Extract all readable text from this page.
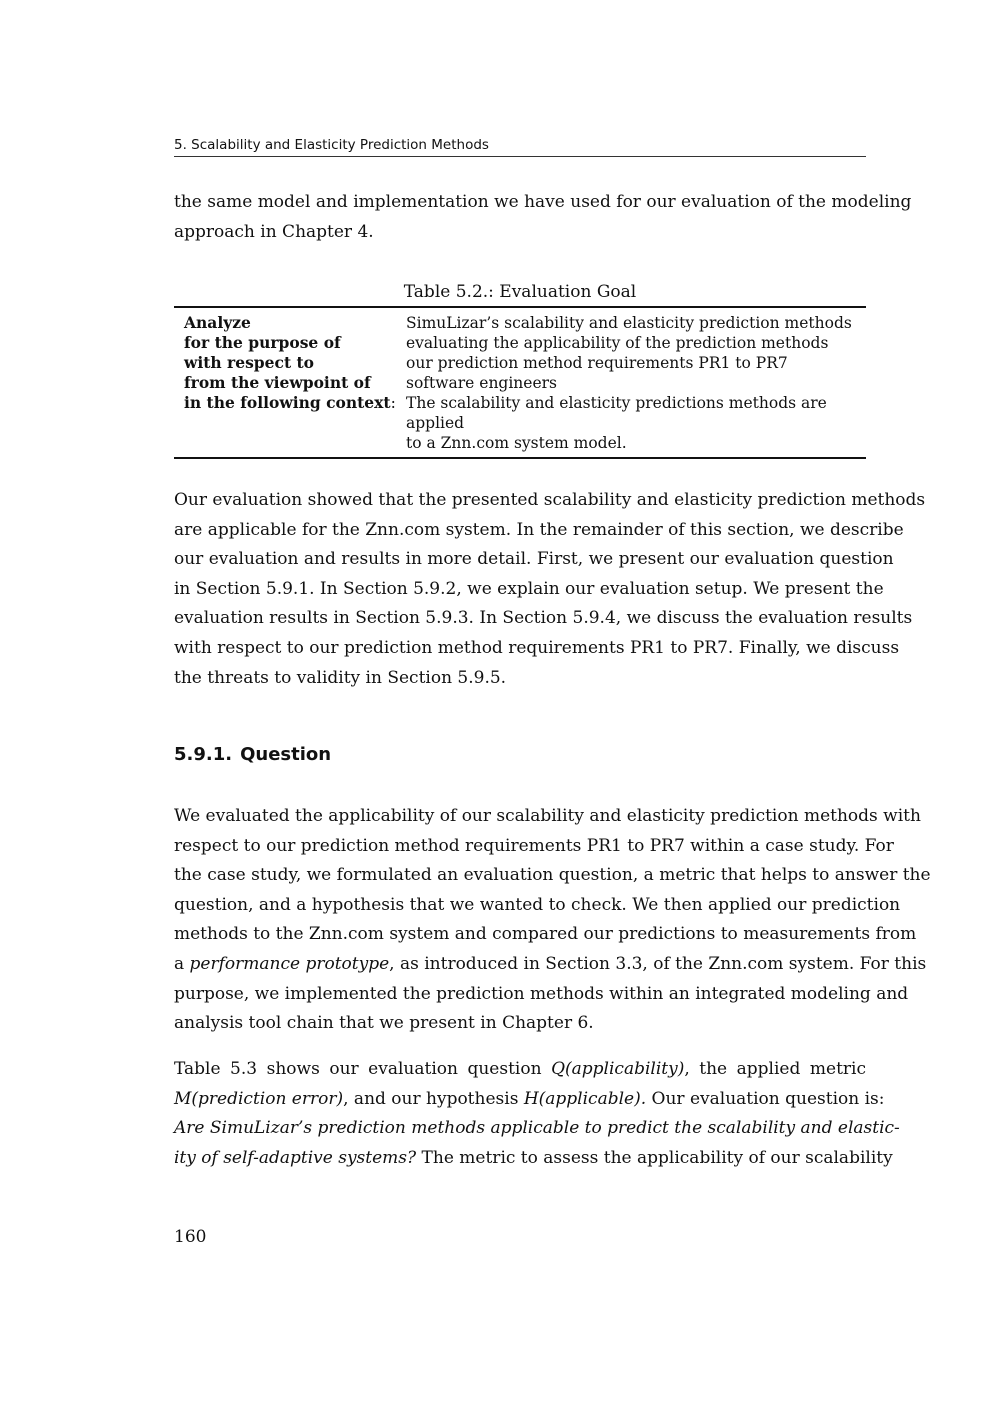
5. Scalability and Elasticity Prediction Methods

the same model and implementation we have used for our evaluation of the modeling
approach in Chapter 4.

Table 5.2.: Evaluation Goal
Analyze	SimuLizar’s scalability and elasticity prediction methods
for the purpose of	evaluating the applicability of the prediction methods
with respect to	our prediction method requirements PR1 to PR7
from the viewpoint of	software engineers
in the following context:	The scalability and elasticity predictions methods are applied
to a Znn.com system model.

Our evaluation showed that the presented scalability and elasticity prediction methods
are applicable for the Znn.com system. In the remainder of this section, we describe
our evaluation and results in more detail. First, we present our evaluation question
in Section 5.9.1. In Section 5.9.2, we explain our evaluation setup. We present the
evaluation results in Section 5.9.3. In Section 5.9.4, we discuss the evaluation results
with respect to our prediction method requirements PR1 to PR7. Finally, we discuss
the threats to validity in Section 5.9.5.

5.9.1. Question

We evaluated the applicability of our scalability and elasticity prediction methods with
respect to our prediction method requirements PR1 to PR7 within a case study. For
the case study, we formulated an evaluation question, a metric that helps to answer the
question, and a hypothesis that we wanted to check. We then applied our prediction
methods to the Znn.com system and compared our predictions to measurements from
a performance prototype, as introduced in Section 3.3, of the Znn.com system. For this
purpose, we implemented the prediction methods within an integrated modeling and
analysis tool chain that we present in Chapter 6.

Table 5.3 shows our evaluation question Q(applicability), the applied metric
M(prediction error), and our hypothesis H(applicable). Our evaluation question is:
Are SimuLizar’s prediction methods applicable to predict the scalability and elastic-
ity of self-adaptive systems? The metric to assess the applicability of our scalability

160
